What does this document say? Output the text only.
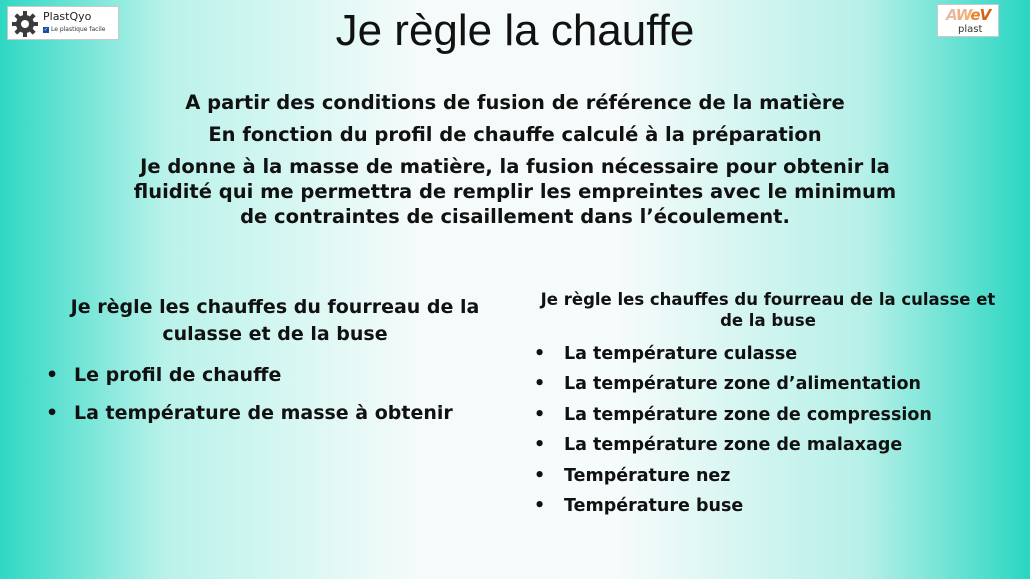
PlastQyo
✓ Le plastique facile
AWeV
plast
Je règle la chauffe

A partir des conditions de fusion de référence de la matière

En fonction du profil de chauffe calculé à la préparation

Je donne à la masse de matière, la fusion nécessaire pour obtenir la fluidité qui me permettra de remplir les empreintes avec le minimum de contraintes de cisaillement dans l’écoulement.

Je règle les chauffes du fourreau de la culasse et de la buse

• Le profil de chauffe
• La température de masse à obtenir

Je règle les chauffes du fourreau de la culasse et de la buse

• La température culasse
• La température zone d’alimentation
• La température zone de compression
• La température zone de malaxage
• Température nez
• Température buse
